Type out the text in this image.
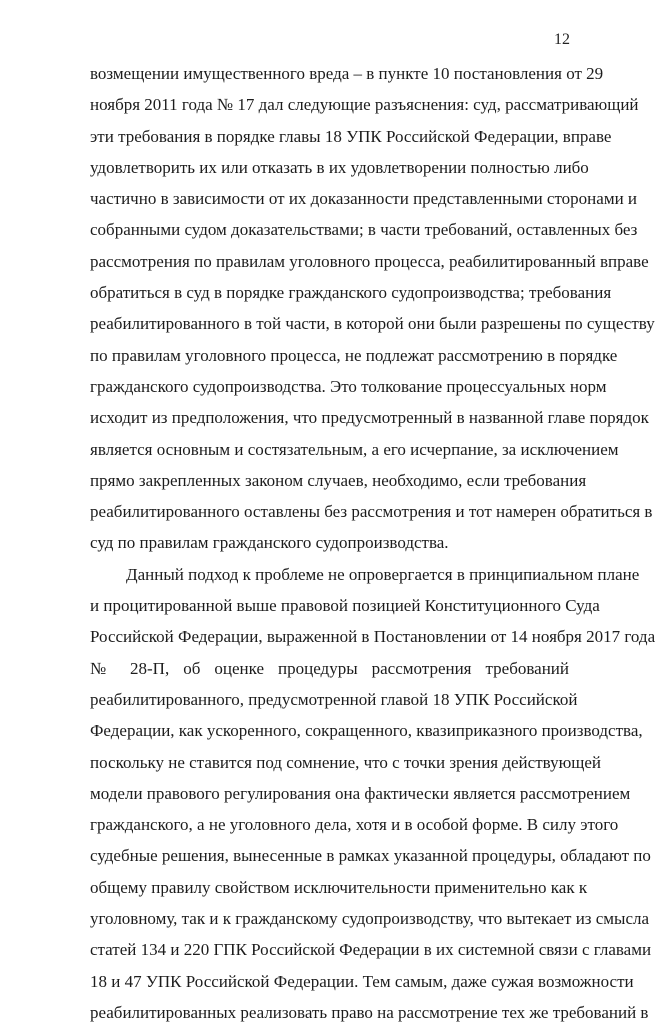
12
возмещении имущественного вреда – в пункте 10 постановления от 29
ноября 2011 года № 17 дал следующие разъяснения: суд, рассматривающий
эти требования в порядке главы 18 УПК Российской Федерации, вправе
удовлетворить их или отказать в их удовлетворении полностью либо
частично в зависимости от их доказанности представленными сторонами и
собранными судом доказательствами; в части требований, оставленных без
рассмотрения по правилам уголовного процесса, реабилитированный вправе
обратиться в суд в порядке гражданского судопроизводства; требования
реабилитированного в той части, в которой они были разрешены по существу
по правилам уголовного процесса, не подлежат рассмотрению в порядке
гражданского судопроизводства. Это толкование процессуальных норм
исходит из предположения, что предусмотренный в названной главе порядок
является основным и состязательным, а его исчерпание, за исключением
прямо закрепленных законом случаев, необходимо, если требования
реабилитированного оставлены без рассмотрения и тот намерен обратиться в
суд по правилам гражданского судопроизводства.
Данный подход к проблеме не опровергается в принципиальном плане
и процитированной выше правовой позицией Конституционного Суда
Российской Федерации, выраженной в Постановлении от 14 ноября 2017 года
№ 28-П, об оценке процедуры рассмотрения требований
реабилитированного, предусмотренной главой 18 УПК Российской
Федерации, как ускоренного, сокращенного, квазиприказного производства,
поскольку не ставится под сомнение, что с точки зрения действующей
модели правового регулирования она фактически является рассмотрением
гражданского, а не уголовного дела, хотя и в особой форме. В силу этого
судебные решения, вынесенные в рамках указанной процедуры, обладают по
общему правилу свойством исключительности применительно как к
уголовному, так и к гражданскому судопроизводству, что вытекает из смысла
статей 134 и 220 ГПК Российской Федерации в их системной связи с главами
18 и 47 УПК Российской Федерации. Тем самым, даже сужая возможности
реабилитированных реализовать право на рассмотрение тех же требований в
